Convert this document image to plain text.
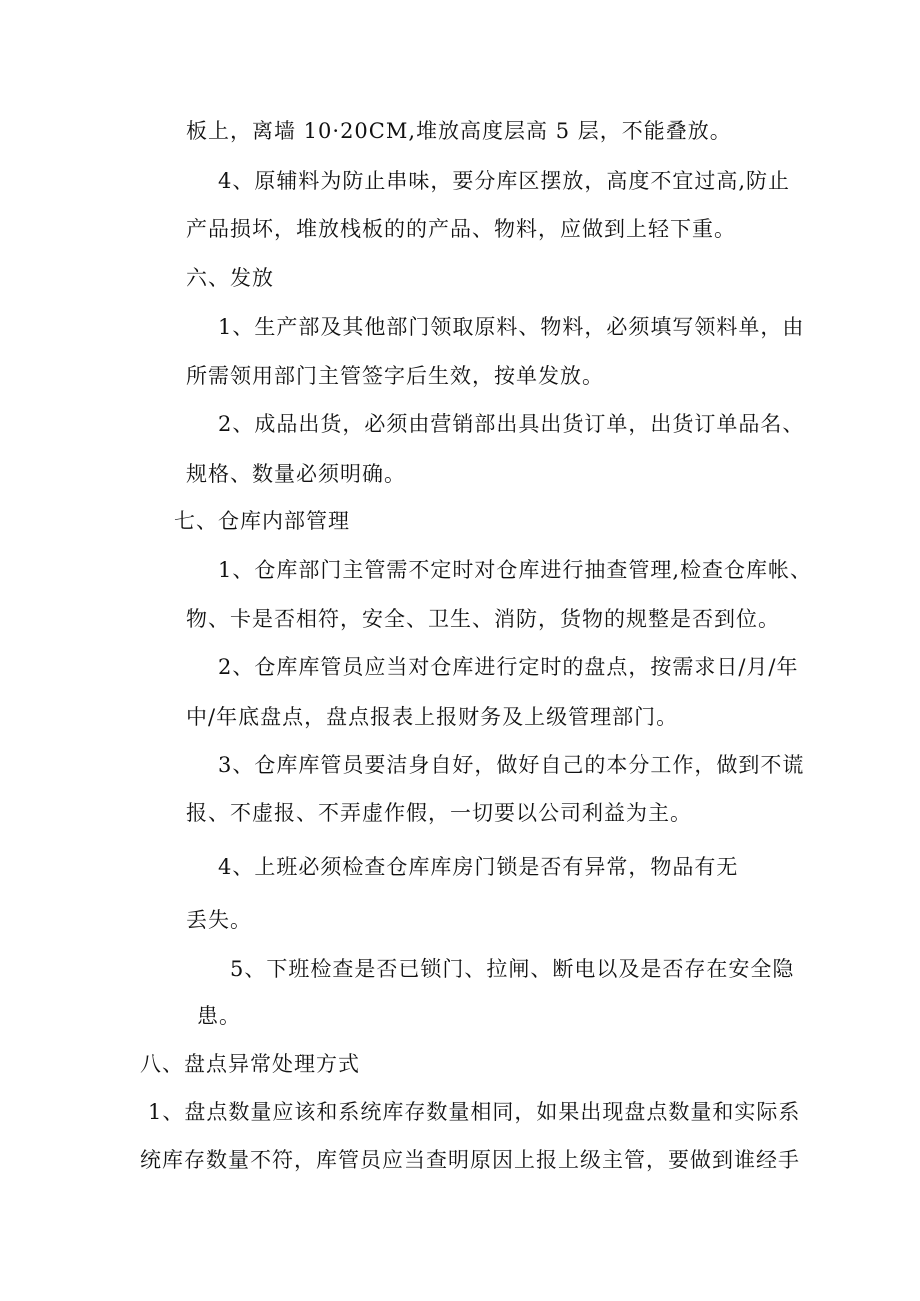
板上，离墙 10·20CM,堆放高度层高 5 层，不能叠放。
4、原辅料为防止串味，要分库区摆放，高度不宜过高,防止
产品损坏，堆放栈板的的产品、物料，应做到上轻下重。
六、发放
1、生产部及其他部门领取原料、物料，必须填写领料单，由
所需领用部门主管签字后生效，按单发放。
2、成品出货，必须由营销部出具出货订单，出货订单品名、
规格、数量必须明确。
七、仓库内部管理
1、仓库部门主管需不定时对仓库进行抽查管理,检查仓库帐、
物、卡是否相符，安全、卫生、消防，货物的规整是否到位。
2、仓库库管员应当对仓库进行定时的盘点，按需求日/月/年
中/年底盘点，盘点报表上报财务及上级管理部门。
3、仓库库管员要洁身自好，做好自己的本分工作，做到不谎
报、不虚报、不弄虚作假，一切要以公司利益为主。
4、上班必须检查仓库库房门锁是否有异常，物品有无
丢失。
5、下班检查是否已锁门、拉闸、断电以及是否存在安全隐
患。
八、盘点异常处理方式
1、盘点数量应该和系统库存数量相同，如果出现盘点数量和实际系
统库存数量不符，库管员应当查明原因上报上级主管，要做到谁经手
